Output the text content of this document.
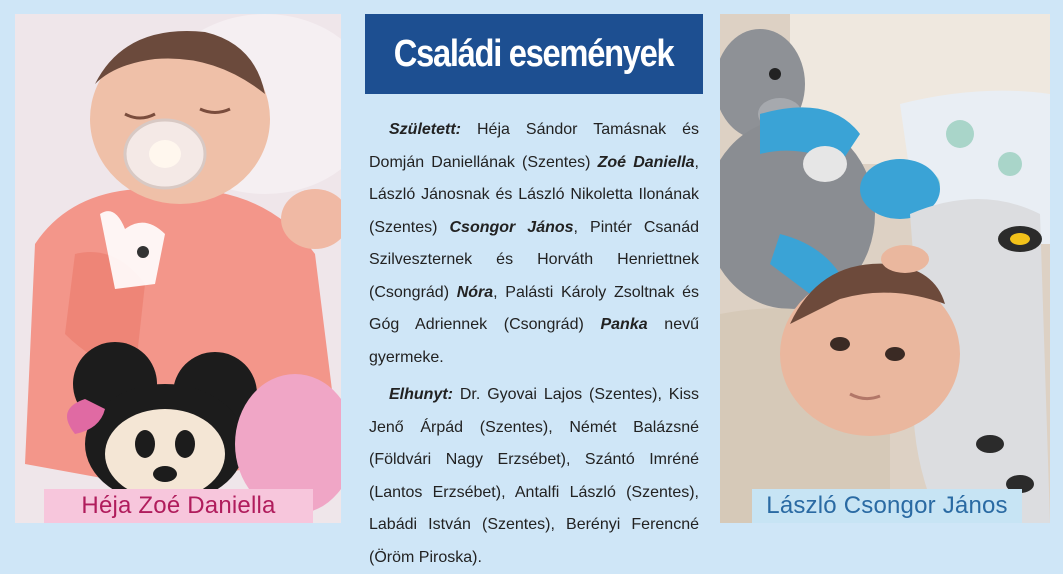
Héja Zoé Daniella
Családi események

Született: Héja Sándor Tamásnak és Domján Daniellának (Szentes) Zoé Daniella, László Jánosnak és László Nikoletta Ilonának (Szentes) Csongor János, Pintér Csanád Szilveszternek és Horváth Henriettnek (Csongrád) Nóra, Palásti Károly Zsoltnak és Góg Adriennek (Csongrád) Panka nevű gyermeke.

Elhunyt: Dr. Gyovai Lajos (Szentes), Kiss Jenő Árpád (Szentes), Némét Balázsné (Földvári Nagy Erzsébet), Szántó Imréné (Lantos Erzsébet), Antalfi László (Szentes), Labádi István (Szentes), Berényi Ferencné (Öröm Piroska).

László Csongor János
